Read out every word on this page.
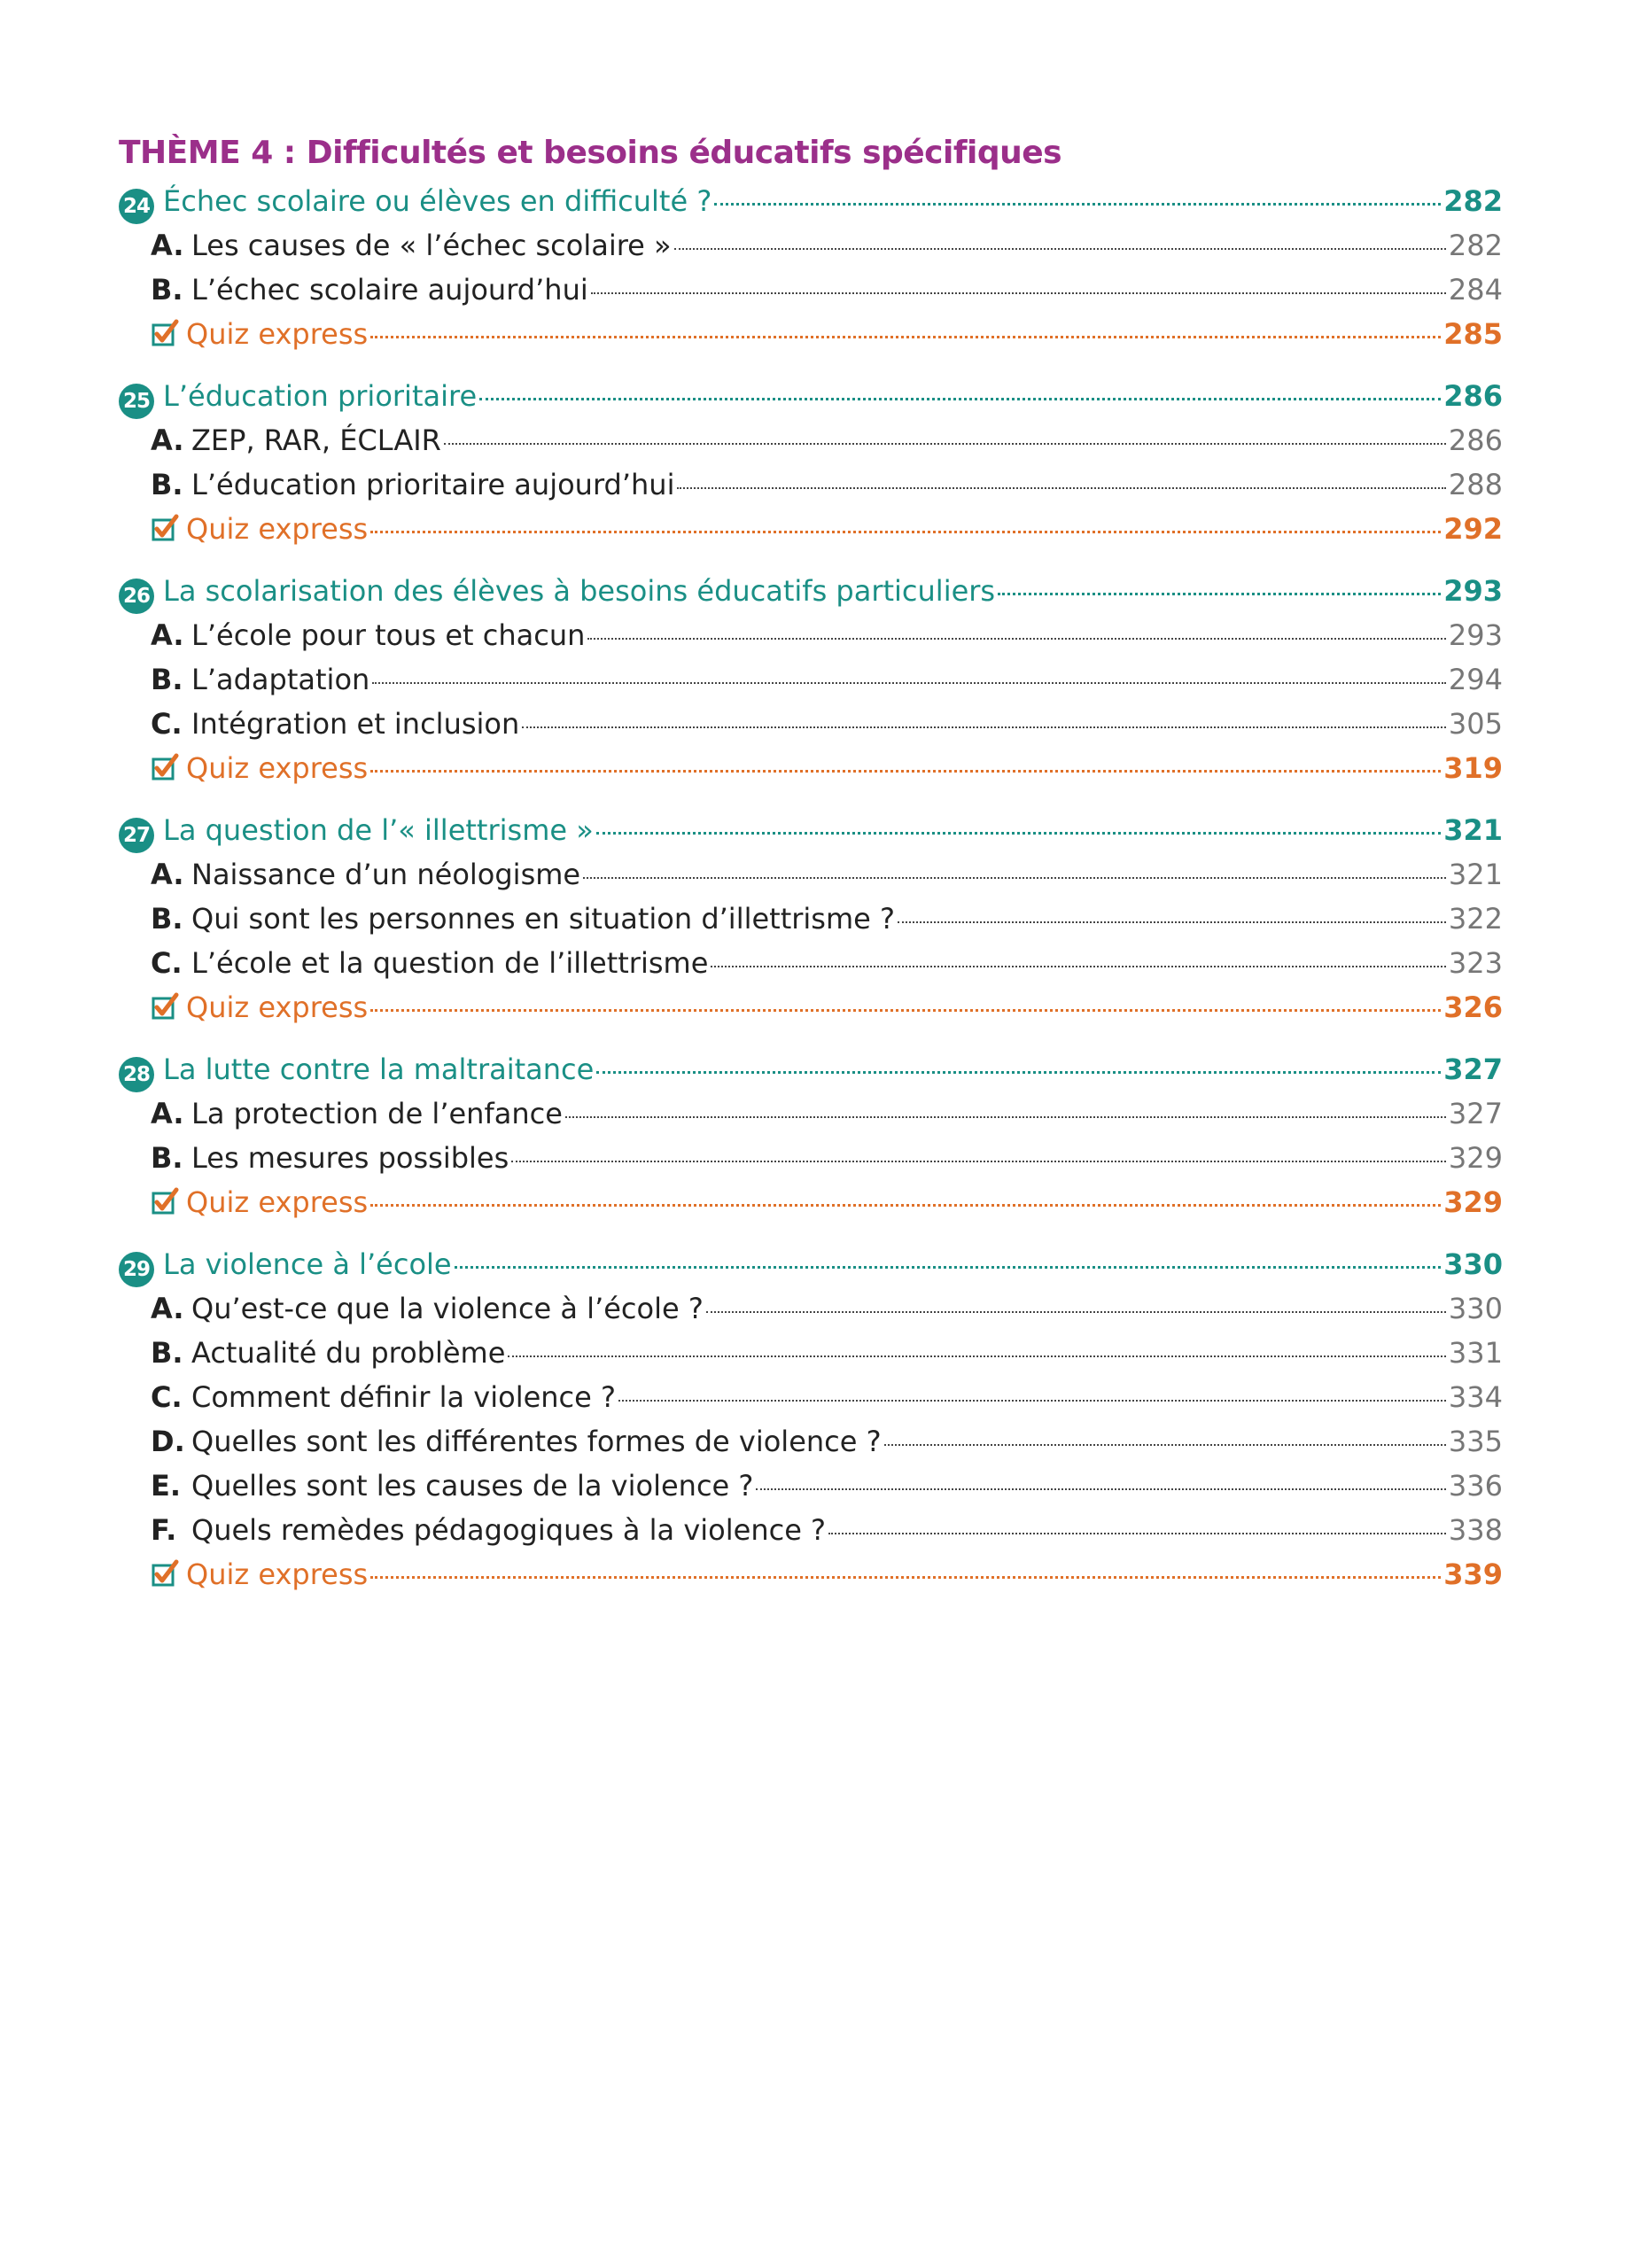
THÈME 4 : Difficultés et besoins éducatifs spécifiques
24 Échec scolaire ou élèves en difficulté ?	282
A. Les causes de « l’échec scolaire »	282
B. L’échec scolaire aujourd’hui	284
Quiz express	285
25 L’éducation prioritaire	286
A. ZEP, RAR, ÉCLAIR	286
B. L’éducation prioritaire aujourd’hui	288
Quiz express	292
26 La scolarisation des élèves à besoins éducatifs particuliers	293
A. L’école pour tous et chacun	293
B. L’adaptation	294
C. Intégration et inclusion	305
Quiz express	319
27 La question de l’« illettrisme »	321
A. Naissance d’un néologisme	321
B. Qui sont les personnes en situation d’illettrisme ?	322
C. L’école et la question de l’illettrisme	323
Quiz express	326
28 La lutte contre la maltraitance	327
A. La protection de l’enfance	327
B. Les mesures possibles	329
Quiz express	329
29 La violence à l’école	330
A. Qu’est-ce que la violence à l’école ?	330
B. Actualité du problème	331
C. Comment définir la violence ?	334
D. Quelles sont les différentes formes de violence ?	335
E. Quelles sont les causes de la violence ?	336
F. Quels remèdes pédagogiques à la violence ?	338
Quiz express	339
